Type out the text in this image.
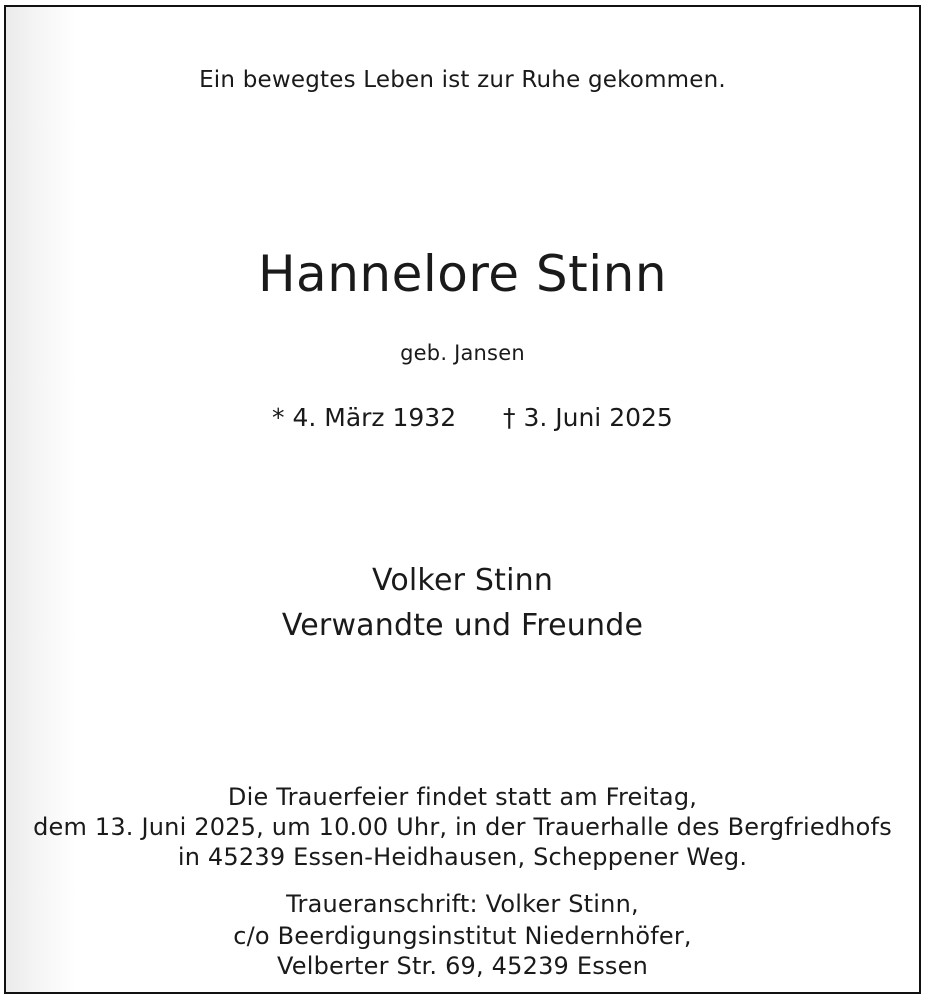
Ein bewegtes Leben ist zur Ruhe gekommen.
Hannelore Stinn
geb. Jansen
* 4. März 1932 † 3. Juni 2025
Volker Stinn
Verwandte und Freunde
Die Trauerfeier findet statt am Freitag,
dem 13. Juni 2025, um 10.00 Uhr, in der Trauerhalle des Bergfriedhofs
in 45239 Essen-Heidhausen, Scheppener Weg.
Traueranschrift: Volker Stinn,
c/o Beerdigungsinstitut Niedernhöfer,
Velberter Str. 69, 45239 Essen
